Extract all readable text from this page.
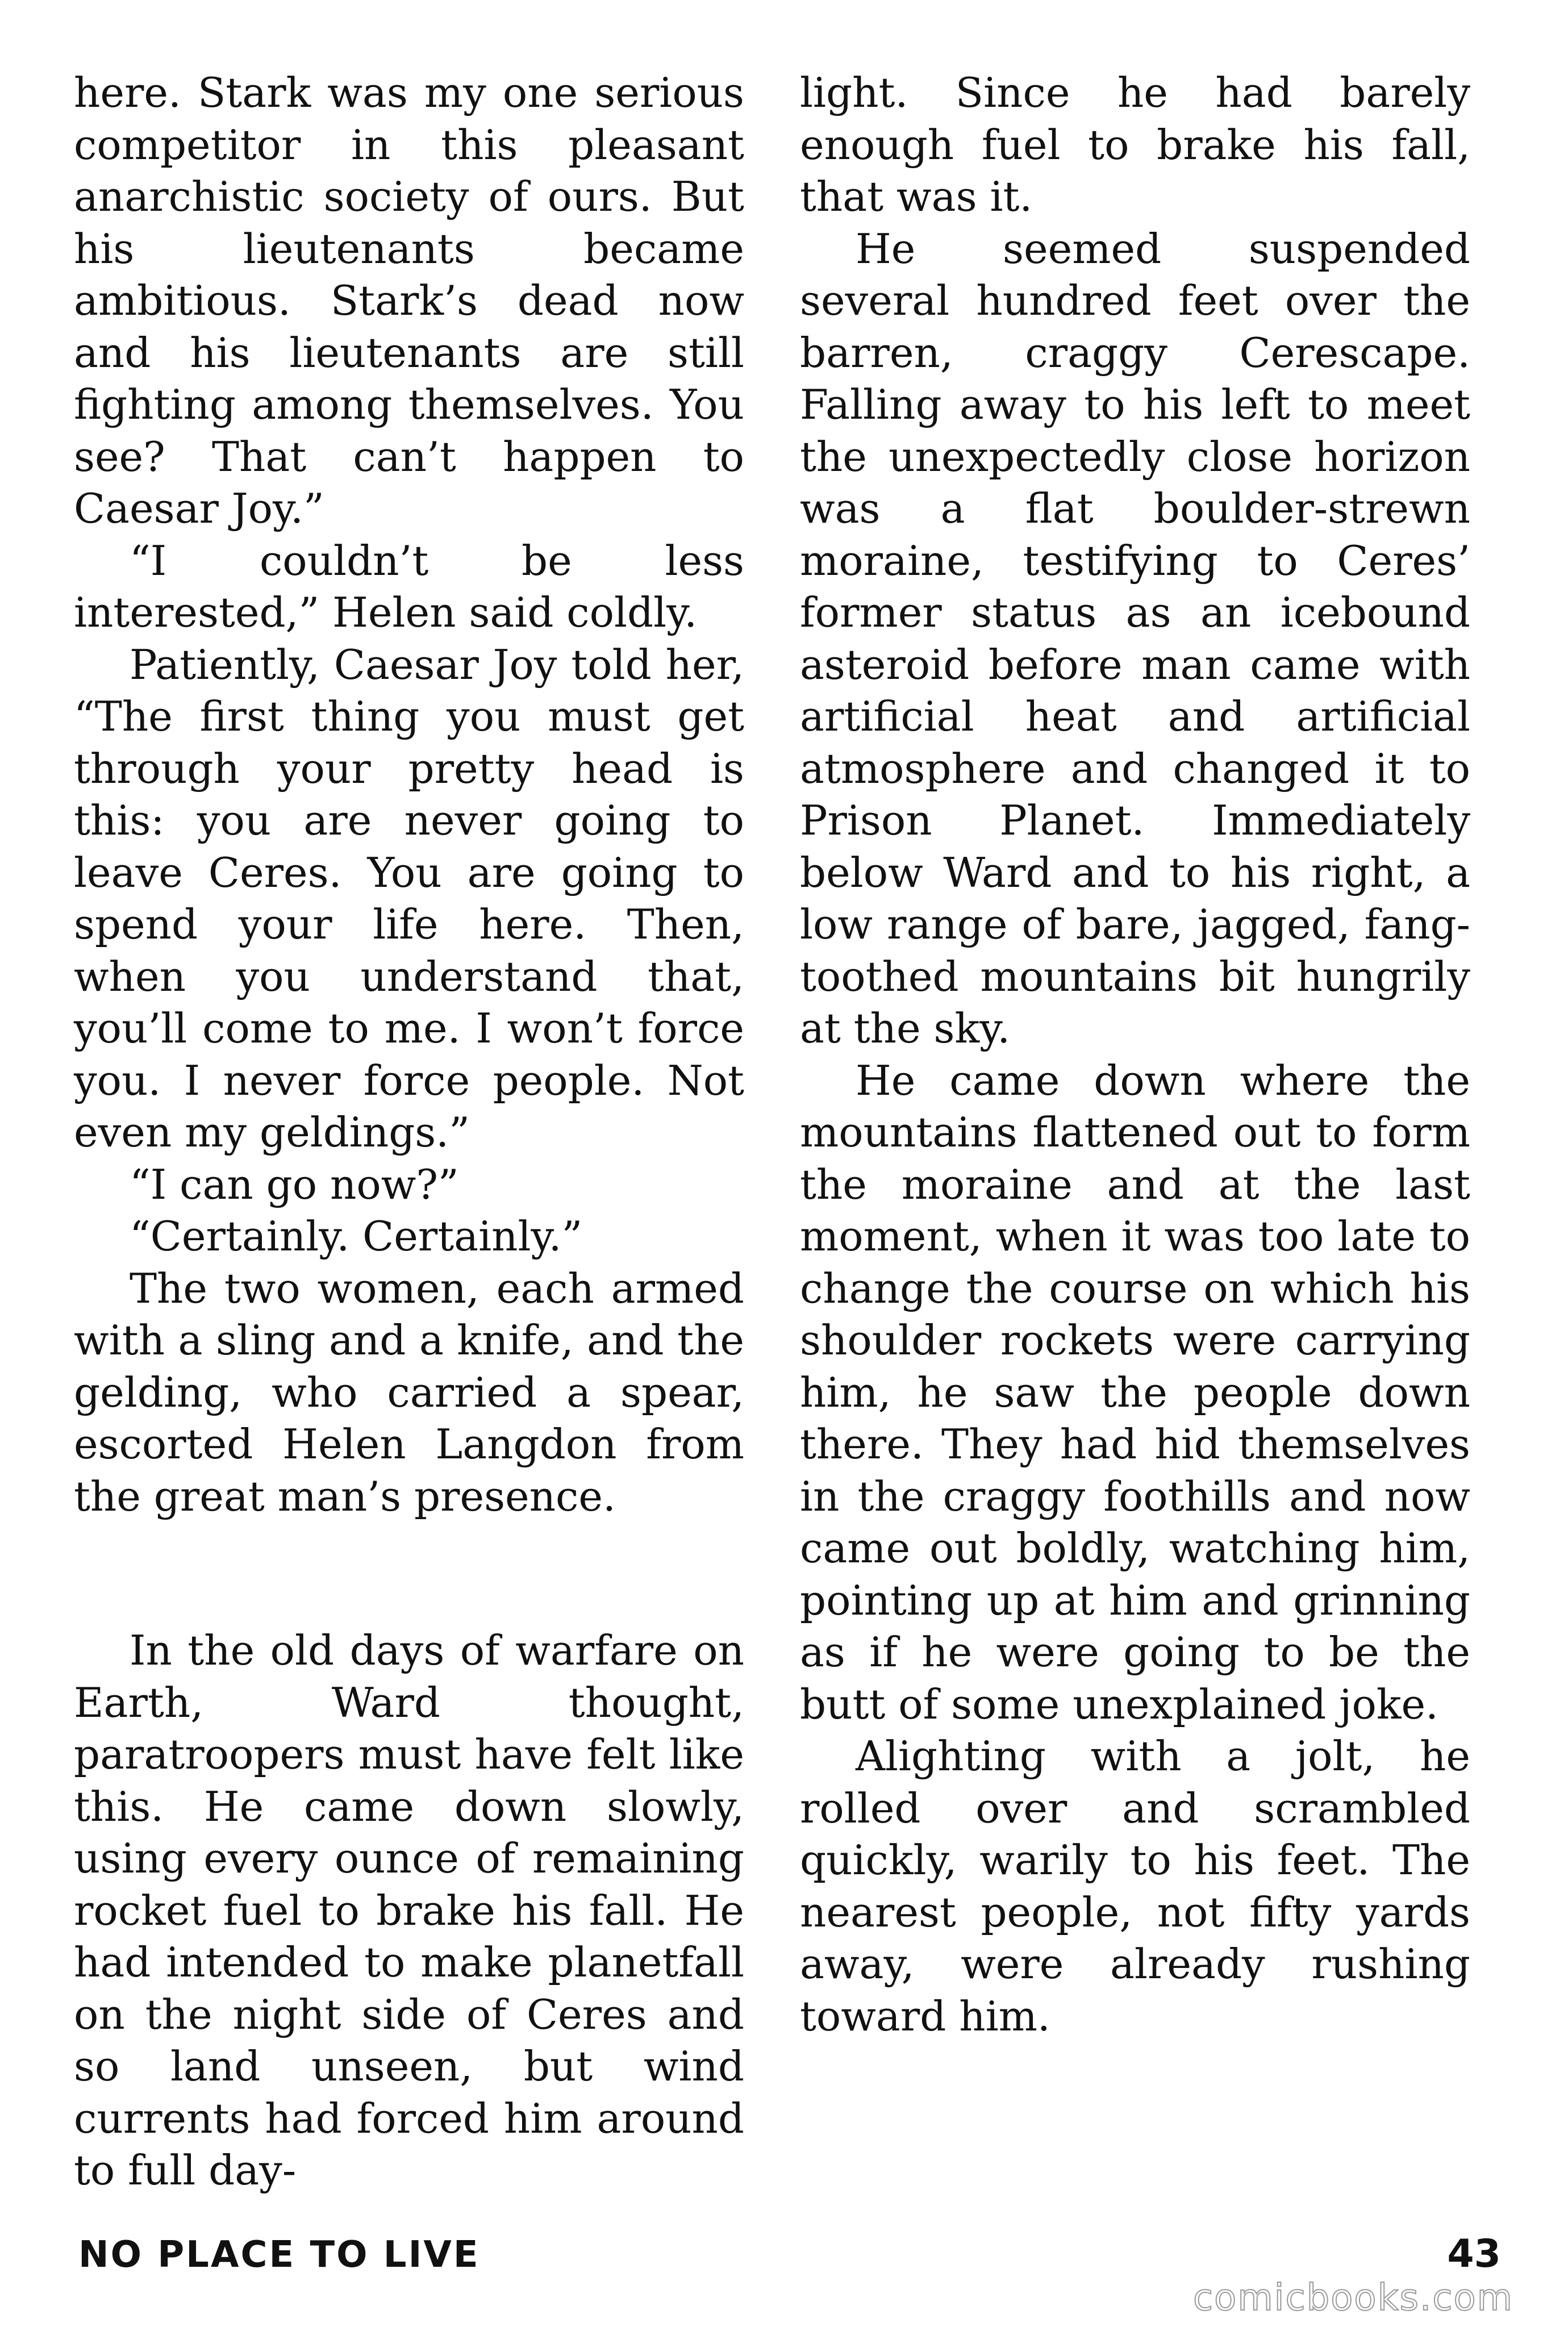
here. Stark was my one serious competitor in this pleasant anarchistic society of ours. But his lieutenants became ambitious. Stark’s dead now and his lieutenants are still fighting among themselves. You see? That can’t happen to Caesar Joy.”

“I couldn’t be less interested,” Helen said coldly.

Patiently, Caesar Joy told her, “The first thing you must get through your pretty head is this: you are never going to leave Ceres. You are going to spend your life here. Then, when you understand that, you’ll come to me. I won’t force you. I never force people. Not even my geldings.”

“I can go now?”

“Certainly. Certainly.”

The two women, each armed with a sling and a knife, and the gelding, who carried a spear, escorted Helen Langdon from the great man’s presence.

In the old days of warfare on Earth, Ward thought, paratroopers must have felt like this. He came down slowly, using every ounce of remaining rocket fuel to brake his fall. He had intended to make planetfall on the night side of Ceres and so land unseen, but wind currents had forced him around to full day-

light. Since he had barely enough fuel to brake his fall, that was it.

He seemed suspended several hundred feet over the barren, craggy Cerescape. Falling away to his left to meet the unexpectedly close horizon was a flat boulder-strewn moraine, testifying to Ceres’ former status as an icebound asteroid before man came with artificial heat and artificial atmosphere and changed it to Prison Planet. Immediately below Ward and to his right, a low range of bare, jagged, fang-toothed mountains bit hungrily at the sky.

He came down where the mountains flattened out to form the moraine and at the last moment, when it was too late to change the course on which his shoulder rockets were carrying him, he saw the people down there. They had hid themselves in the craggy foothills and now came out boldly, watching him, pointing up at him and grinning as if he were going to be the butt of some unexplained joke.

Alighting with a jolt, he rolled over and scrambled quickly, warily to his feet. The nearest people, not fifty yards away, were already rushing toward him.

NO PLACE TO LIVE	43
comicbooks.com
